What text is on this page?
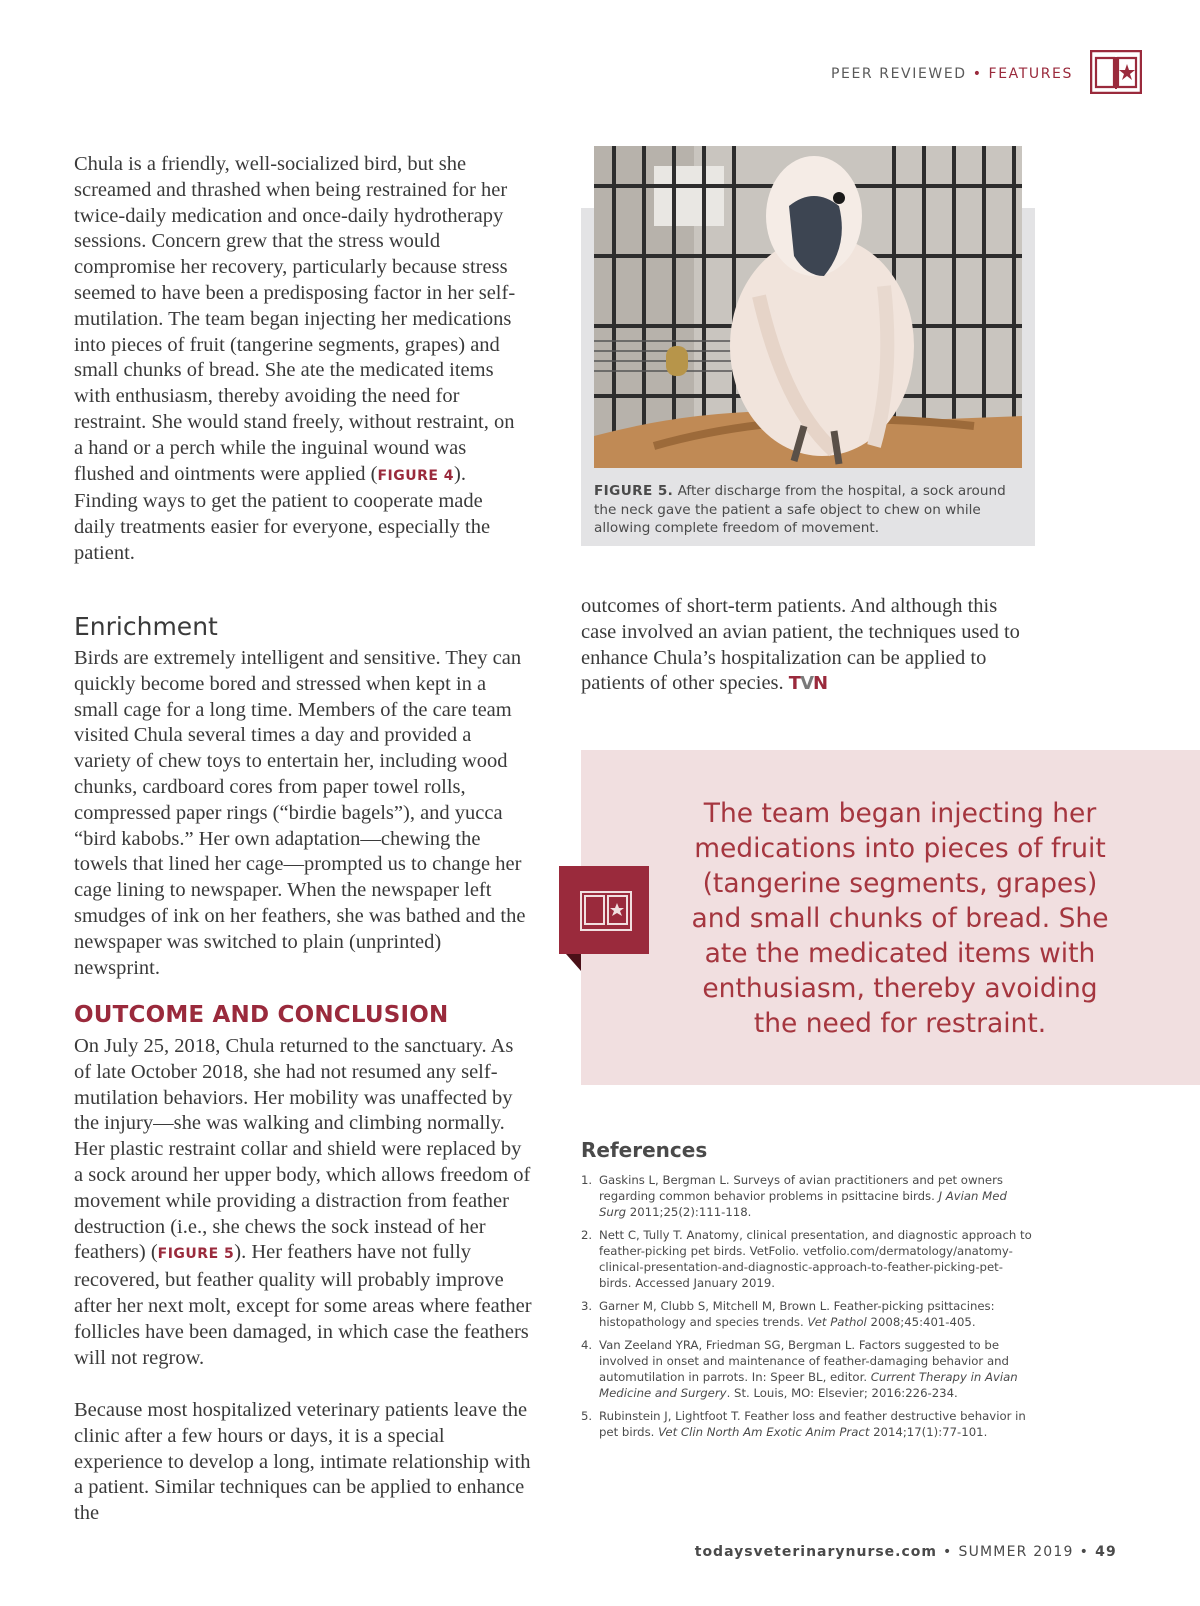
PEER REVIEWED • FEATURES

Chula is a friendly, well-socialized bird, but she screamed and thrashed when being restrained for her twice-daily medication and once-daily hydrotherapy sessions. Concern grew that the stress would compromise her recovery, particularly because stress seemed to have been a predisposing factor in her self-mutilation. The team began injecting her medications into pieces of fruit (tangerine segments, grapes) and small chunks of bread. She ate the medicated items with enthusiasm, thereby avoiding the need for restraint. She would stand freely, without restraint, on a hand or a perch while the inguinal wound was flushed and ointments were applied (FIGURE 4). Finding ways to get the patient to cooperate made daily treatments easier for everyone, especially the patient.

Enrichment

Birds are extremely intelligent and sensitive. They can quickly become bored and stressed when kept in a small cage for a long time. Members of the care team visited Chula several times a day and provided a variety of chew toys to entertain her, including wood chunks, cardboard cores from paper towel rolls, compressed paper rings (“birdie bagels”), and yucca “bird kabobs.” Her own adaptation—chewing the towels that lined her cage—prompted us to change her cage lining to newspaper. When the newspaper left smudges of ink on her feathers, she was bathed and the newspaper was switched to plain (unprinted) newsprint.

OUTCOME AND CONCLUSION

On July 25, 2018, Chula returned to the sanctuary. As of late October 2018, she had not resumed any self-mutilation behaviors. Her mobility was unaffected by the injury—she was walking and climbing normally. Her plastic restraint collar and shield were replaced by a sock around her upper body, which allows freedom of movement while providing a distraction from feather destruction (i.e., she chews the sock instead of her feathers) (FIGURE 5). Her feathers have not fully recovered, but feather quality will probably improve after her next molt, except for some areas where feather follicles have been damaged, in which case the feathers will not regrow.

Because most hospitalized veterinary patients leave the clinic after a few hours or days, it is a special experience to develop a long, intimate relationship with a patient. Similar techniques can be applied to enhance the

FIGURE 5. After discharge from the hospital, a sock around the neck gave the patient a safe object to chew on while allowing complete freedom of movement.

outcomes of short-term patients. And although this case involved an avian patient, the techniques used to enhance Chula’s hospitalization can be applied to patients of other species. TVN

The team began injecting her medications into pieces of fruit (tangerine segments, grapes) and small chunks of bread. She ate the medicated items with enthusiasm, thereby avoiding the need for restraint.

References
1. Gaskins L, Bergman L. Surveys of avian practitioners and pet owners regarding common behavior problems in psittacine birds. J Avian Med Surg 2011;25(2):111-118.
2. Nett C, Tully T. Anatomy, clinical presentation, and diagnostic approach to feather-picking pet birds. VetFolio. vetfolio.com/dermatology/anatomy-clinical-presentation-and-diagnostic-approach-to-feather-picking-pet-birds. Accessed January 2019.
3. Garner M, Clubb S, Mitchell M, Brown L. Feather-picking psittacines: histopathology and species trends. Vet Pathol 2008;45:401-405.
4. Van Zeeland YRA, Friedman SG, Bergman L. Factors suggested to be involved in onset and maintenance of feather-damaging behavior and automutilation in parrots. In: Speer BL, editor. Current Therapy in Avian Medicine and Surgery. St. Louis, MO: Elsevier; 2016:226-234.
5. Rubinstein J, Lightfoot T. Feather loss and feather destructive behavior in pet birds. Vet Clin North Am Exotic Anim Pract 2014;17(1):77-101.
todaysveterinarynurse.com • SUMMER 2019 • 49
